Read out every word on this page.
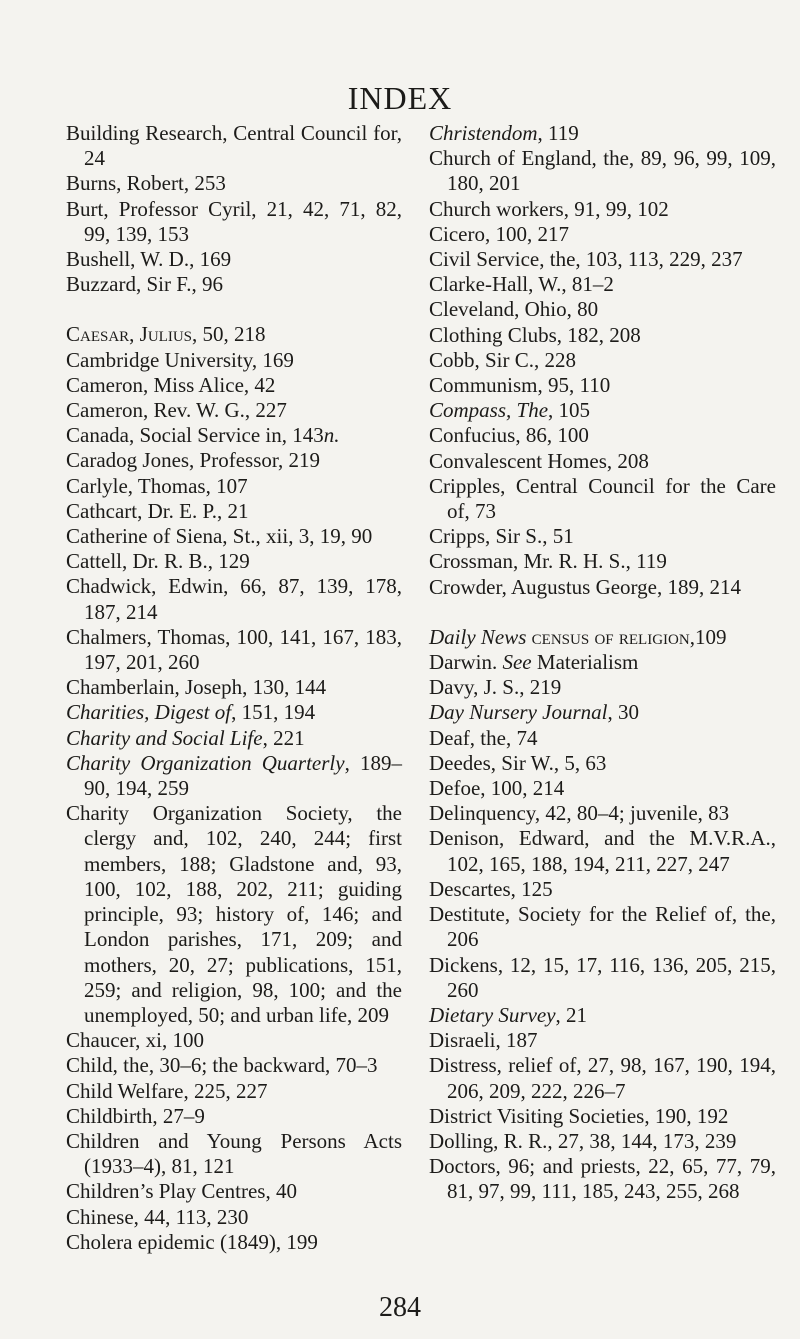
INDEX
Building Research, Central Council for, 24
Burns, Robert, 253
Burt, Professor Cyril, 21, 42, 71, 82, 99, 139, 153
Bushell, W. D., 169
Buzzard, Sir F., 96
Caesar, Julius, 50, 218
Cambridge University, 169
Cameron, Miss Alice, 42
Cameron, Rev. W. G., 227
Canada, Social Service in, 143n.
Caradog Jones, Professor, 219
Carlyle, Thomas, 107
Cathcart, Dr. E. P., 21
Catherine of Siena, St., xii, 3, 19, 90
Cattell, Dr. R. B., 129
Chadwick, Edwin, 66, 87, 139, 178, 187, 214
Chalmers, Thomas, 100, 141, 167, 183, 197, 201, 260
Chamberlain, Joseph, 130, 144
Charities, Digest of, 151, 194
Charity and Social Life, 221
Charity Organization Quarterly, 189–90, 194, 259
Charity Organization Society, the clergy and, 102, 240, 244; first members, 188; Gladstone and, 93, 100, 102, 188, 202, 211; guiding principle, 93; history of, 146; and London parishes, 171, 209; and mothers, 20, 27; publications, 151, 259; and religion, 98, 100; and the unemployed, 50; and urban life, 209
Chaucer, xi, 100
Child, the, 30–6; the backward, 70–3
Child Welfare, 225, 227
Childbirth, 27–9
Children and Young Persons Acts (1933–4), 81, 121
Children’s Play Centres, 40
Chinese, 44, 113, 230
Cholera epidemic (1849), 199
Christendom, 119
Church of England, the, 89, 96, 99, 109, 180, 201
Church workers, 91, 99, 102
Cicero, 100, 217
Civil Service, the, 103, 113, 229, 237
Clarke-Hall, W., 81–2
Cleveland, Ohio, 80
Clothing Clubs, 182, 208
Cobb, Sir C., 228
Communism, 95, 110
Compass, The, 105
Confucius, 86, 100
Convalescent Homes, 208
Cripples, Central Council for the Care of, 73
Cripps, Sir S., 51
Crossman, Mr. R. H. S., 119
Crowder, Augustus George, 189, 214
Daily News census of religion,109
Darwin. See Materialism
Davy, J. S., 219
Day Nursery Journal, 30
Deaf, the, 74
Deedes, Sir W., 5, 63
Defoe, 100, 214
Delinquency, 42, 80–4; juvenile, 83
Denison, Edward, and the M.V.R.A., 102, 165, 188, 194, 211, 227, 247
Descartes, 125
Destitute, Society for the Relief of, the, 206
Dickens, 12, 15, 17, 116, 136, 205, 215, 260
Dietary Survey, 21
Disraeli, 187
Distress, relief of, 27, 98, 167, 190, 194, 206, 209, 222, 226–7
District Visiting Societies, 190, 192
Dolling, R. R., 27, 38, 144, 173, 239
Doctors, 96; and priests, 22, 65, 77, 79, 81, 97, 99, 111, 185, 243, 255, 268
284
